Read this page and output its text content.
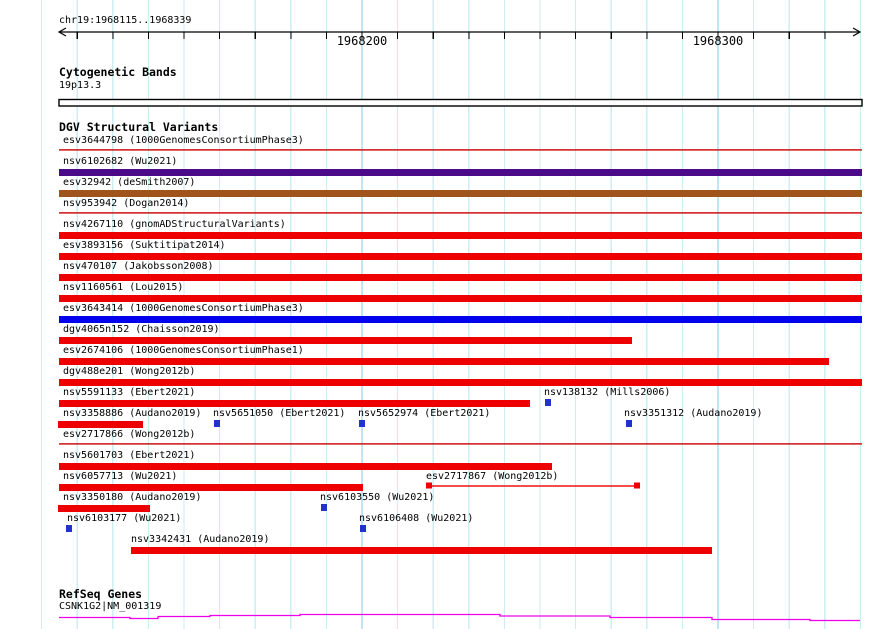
chr19:1968115..1968339
Cytogenetic Bands
19p13.3
DGV Structural Variants
esv3644798 (1000GenomesConsortiumPhase3)
nsv6102682 (Wu2021)
esv32942 (deSmith2007)
nsv953942 (Dogan2014)
nsv4267110 (gnomADStructuralVariants)
esv3893156 (Suktitipat2014)
nsv470107 (Jakobsson2008)
nsv1160561 (Lou2015)
esv3643414 (1000GenomesConsortiumPhase3)
dgv4065n152 (Chaisson2019)
esv2674106 (1000GenomesConsortiumPhase1)
dgv488e201 (Wong2012b)
nsv5591133 (Ebert2021)	nsv138132 (Mills2006)
nsv3358886 (Audano2019) nsv5651050 (Ebert2021) nsv5652974 (Ebert2021)	nsv3351312 (Audano2019)
esv2717866 (Wong2012b)
nsv5601703 (Ebert2021)
nsv6057713 (Wu2021)	esv2717867 (Wong2012b)
nsv3350180 (Audano2019)	nsv6103550 (Wu2021)
nsv6103177 (Wu2021)	nsv6106408 (Wu2021)
nsv3342431 (Audano2019)
RefSeq Genes
CSNK1G2|NM_001319
1968200	1968300
